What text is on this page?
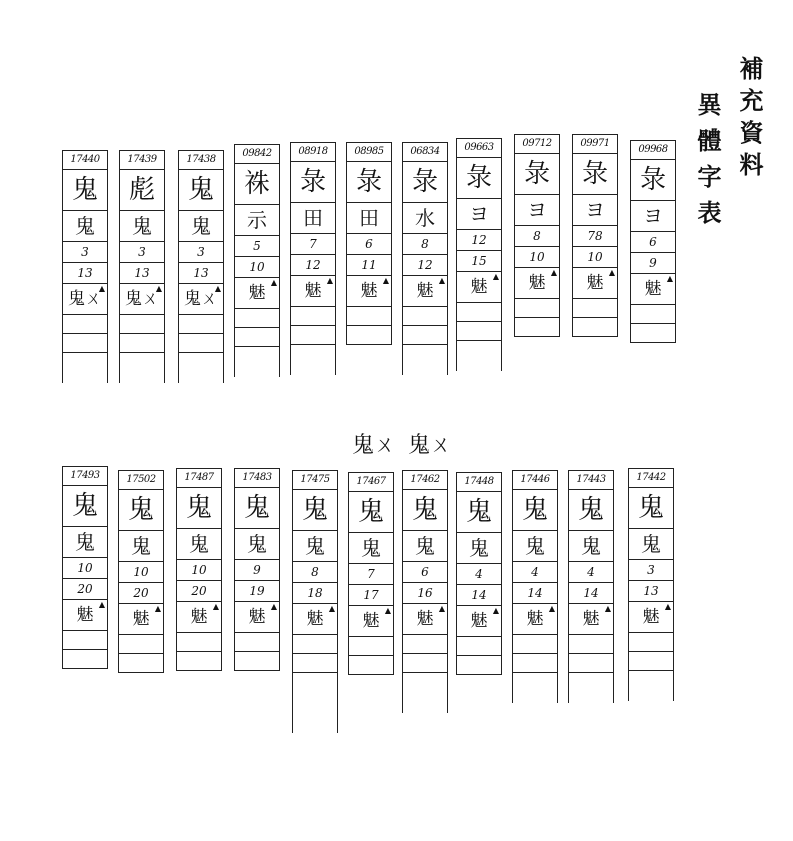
補充資料
異體字表
鬼ㄨ 鬼ㄨ
17440
鬼
鬼
3
13
鬼ㄨ
▲
17439
彪
鬼
3
13
鬼ㄨ
▲
17438
鬼
鬼
3
13
鬼ㄨ
▲
09842
祩
示
5
10
魅
▲
08918
彔
田
7
12
魅
▲
08985
彔
田
6
11
魅
▲
06834
彔
水
8
12
魅
▲
09663
彔
ヨ
12
15
魅
▲
09712
彔
ヨ
8
10
魅
▲
09971
彔
ヨ
78
10
魅
▲
09968
彔
ヨ
6
9
魅
▲
17493
鬼
鬼
10
20
魅
▲
17502
鬼
鬼
10
20
魅
▲
17487
鬼
鬼
10
20
魅
▲
17483
鬼
鬼
9
19
魅
▲
17475
鬼
鬼
8
18
魅
▲
17467
鬼
鬼
7
17
魅
▲
17462
鬼
鬼
6
16
魅
▲
17448
鬼
鬼
4
14
魅
▲
17446
鬼
鬼
4
14
魅
▲
17443
鬼
鬼
4
14
魅
▲
17442
鬼
鬼
3
13
魅
▲
